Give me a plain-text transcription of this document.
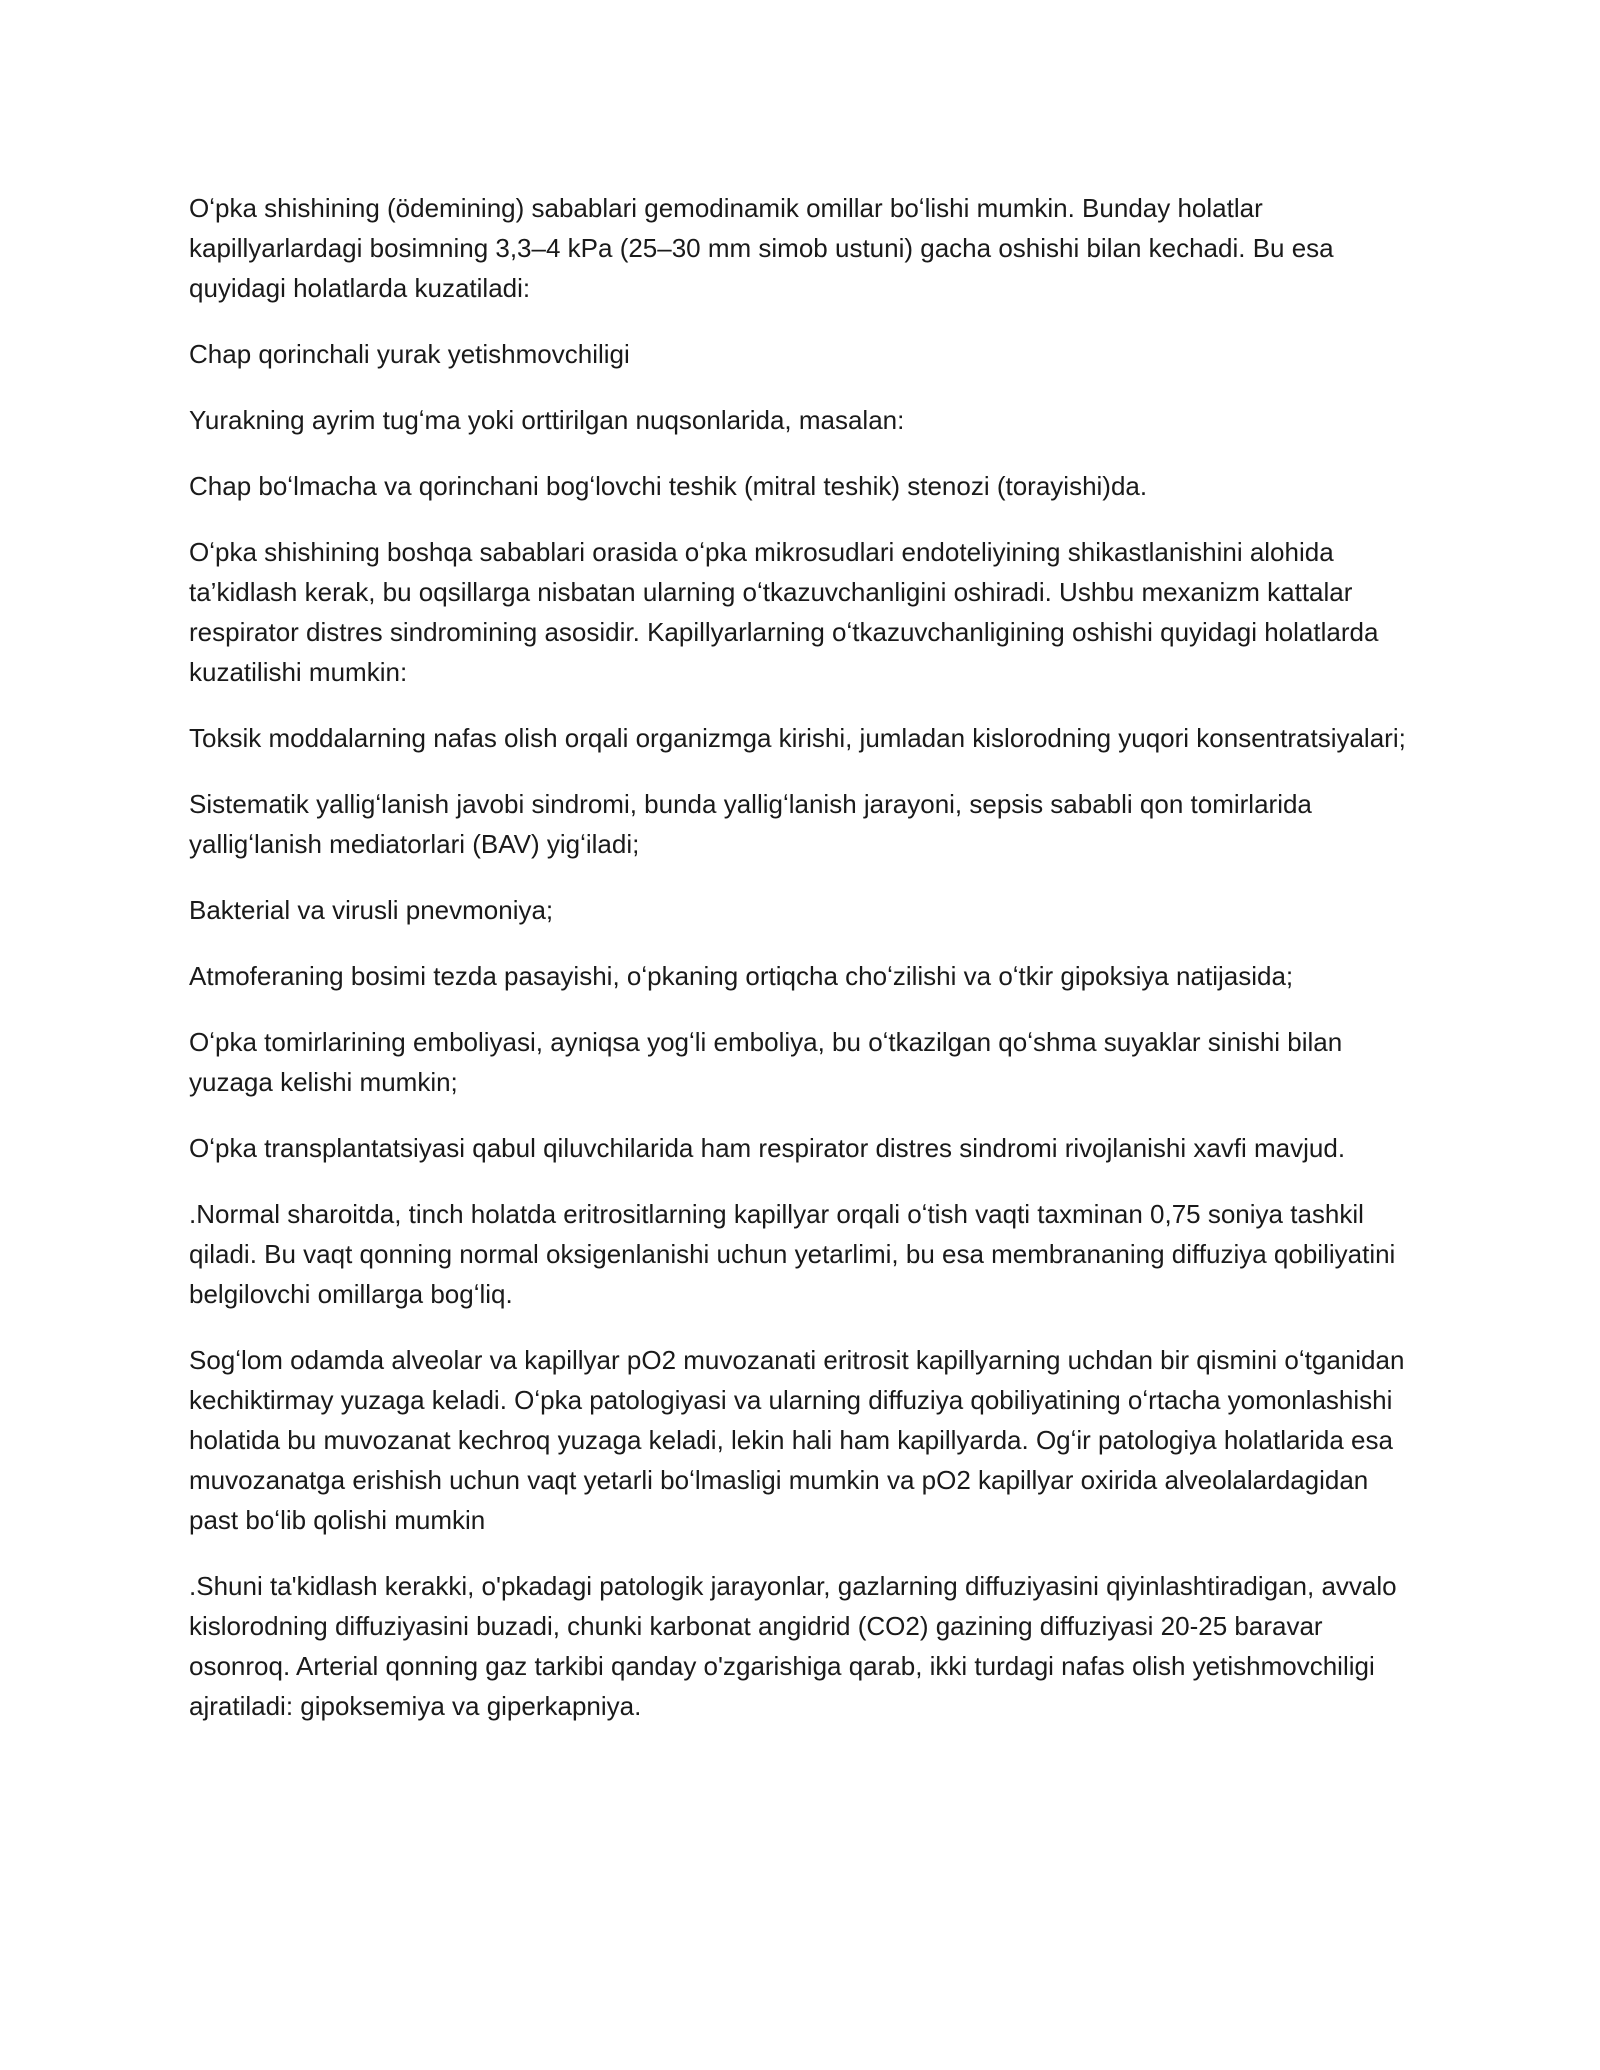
Oʻpka shishining (ödemining) sabablari gemodinamik omillar boʻlishi mumkin. Bunday holatlar kapillyarlardagi bosimning 3,3–4 kPa (25–30 mm simob ustuni) gacha oshishi bilan kechadi. Bu esa quyidagi holatlarda kuzatiladi:

Chap qorinchali yurak yetishmovchiligi

Yurakning ayrim tugʻma yoki orttirilgan nuqsonlarida, masalan:

Chap boʻlmacha va qorinchani bogʻlovchi teshik (mitral teshik) stenozi (torayishi)da.

Oʻpka shishining boshqa sabablari orasida oʻpka mikrosudlari endoteliyining shikastlanishini alohida ta’kidlash kerak, bu oqsillarga nisbatan ularning oʻtkazuvchanligini oshiradi. Ushbu mexanizm kattalar respirator distres sindromining asosidir. Kapillyarlarning oʻtkazuvchanligining oshishi quyidagi holatlarda kuzatilishi mumkin:

Toksik moddalarning nafas olish orqali organizmga kirishi, jumladan kislorodning yuqori konsentratsiyalari;

Sistematik yalligʻlanish javobi sindromi, bunda yalligʻlanish jarayoni, sepsis sababli qon tomirlarida yalligʻlanish mediatorlari (BAV) yigʻiladi;

Bakterial va virusli pnevmoniya;

Atmoferaning bosimi tezda pasayishi, oʻpkaning ortiqcha choʻzilishi va oʻtkir gipoksiya natijasida;

Oʻpka tomirlarining emboliyasi, ayniqsa yogʻli emboliya, bu oʻtkazilgan qoʻshma suyaklar sinishi bilan yuzaga kelishi mumkin;

Oʻpka transplantatsiyasi qabul qiluvchilarida ham respirator distres sindromi rivojlanishi xavfi mavjud.

.Normal sharoitda, tinch holatda eritrositlarning kapillyar orqali oʻtish vaqti taxminan 0,75 soniya tashkil qiladi. Bu vaqt qonning normal oksigenlanishi uchun yetarlimi, bu esa membrananing diffuziya qobiliyatini belgilovchi omillarga bogʻliq.

Sogʻlom odamda alveolar va kapillyar pO2 muvozanati eritrosit kapillyarning uchdan bir qismini oʻtganidan kechiktirmay yuzaga keladi. Oʻpka patologiyasi va ularning diffuziya qobiliyatining oʻrtacha yomonlashishi holatida bu muvozanat kechroq yuzaga keladi, lekin hali ham kapillyarda. Ogʻir patologiya holatlarida esa muvozanatga erishish uchun vaqt yetarli boʻlmasligi mumkin va pO2 kapillyar oxirida alveolalardagidan past boʻlib qolishi mumkin

.Shuni ta'kidlash kerakki, o'pkadagi patologik jarayonlar, gazlarning diffuziyasini qiyinlashtiradigan, avvalo kislorodning diffuziyasini buzadi, chunki karbonat angidrid (CO2) gazining diffuziyasi 20-25 baravar osonroq. Arterial qonning gaz tarkibi qanday o'zgarishiga qarab, ikki turdagi nafas olish yetishmovchiligi ajratiladi: gipoksemiya va giperkapniya.
